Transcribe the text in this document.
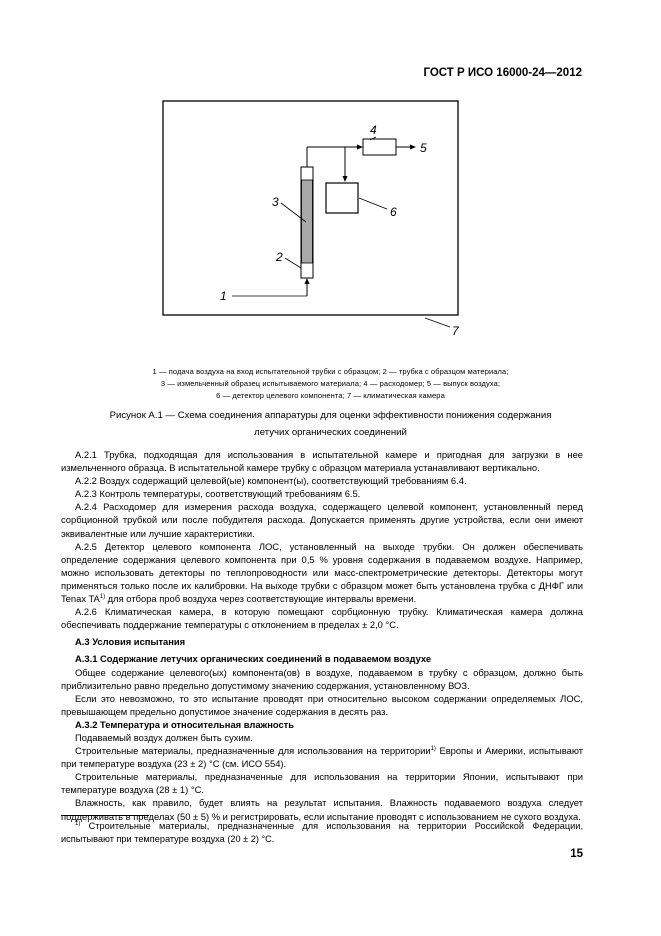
ГОСТ Р ИСО 16000-24—2012
1
2
3
4
5
6
7
1 — подача воздуха на вход испытательной трубки с образцом; 2 — трубка с образцом материала;
3 — измельченный образец испытываемого материала; 4 — расходомер; 5 — выпуск воздуха;
6 — детектор целевого компонента; 7 — климатическая камера
Рисунок А.1 — Схема соединения аппаратуры для оценки эффективности понижения содержания
летучих органических соединений

А.2.1 Трубка, подходящая для использования в испытательной камере и пригодная для загрузки в нее измельченного образца. В испытательной камере трубку с образцом материала устанавливают вертикально.

А.2.2 Воздух содержащий целевой(ые) компонент(ы), соответствующий требованиям 6.4.

А.2.3 Контроль температуры, соответствующий требованиям 6.5.

А.2.4 Расходомер для измерения расхода воздуха, содержащего целевой компонент, установленный перед сорбционной трубкой или после побудителя расхода. Допускается применять другие устройства, если они имеют эквивалентные или лучшие характеристики.

А.2.5 Детектор целевого компонента ЛОС, установленный на выходе трубки. Он должен обеспечивать определение содержания целевого компонента при 0,5 % уровня содержания в подаваемом воздухе. Например, можно использовать детекторы по теплопроводности или масс-спектрометрические детекторы. Детекторы могут применяться только после их калибровки. На выходе трубки с образцом может быть установлена трубка с ДНФГ или Tenax TA$^{1)}$ для отбора проб воздуха через соответствующие интервалы времени.

А.2.6 Климатическая камера, в которую помещают сорбционную трубку. Климатическая камера должна обеспечивать поддержание температуры с отклонением в пределах ± 2,0 °С.

А.3 Условия испытания
А.3.1 Содержание летучих органических соединений в подаваемом воздухе

Общее содержание целевого(ых) компонента(ов) в воздухе, подаваемом в трубку с образцом, должно быть приблизительно равно предельно допустимому значению содержания, установленному ВОЗ.

Если это невозможно, то это испытание проводят при относительно высоком содержании определяемых ЛОС, превышающем предельно допустимое значение содержания в десять раз.

А.3.2 Температура и относительная влажность

Подаваемый воздух должен быть сухим.

Строительные материалы, предназначенные для использования на территории$^{1)}$ Европы и Америки, испытывают при температуре воздуха (23 ± 2) °С (см. ИСО 554).

Строительные материалы, предназначенные для использования на территории Японии, испытывают при температуре воздуха (28 ± 1) °С.

Влажность, как правило, будет влиять на результат испытания. Влажность подаваемого воздуха следует поддерживать в пределах (50 ± 5) % и регистрировать, если испытание проводят с использованием не сухого воздуха.

$^{1)}$ Строительные материалы, предназначенные для использования на территории Российской Федерации, испытывают при температуре воздуха (20 ± 2) °С.

15
